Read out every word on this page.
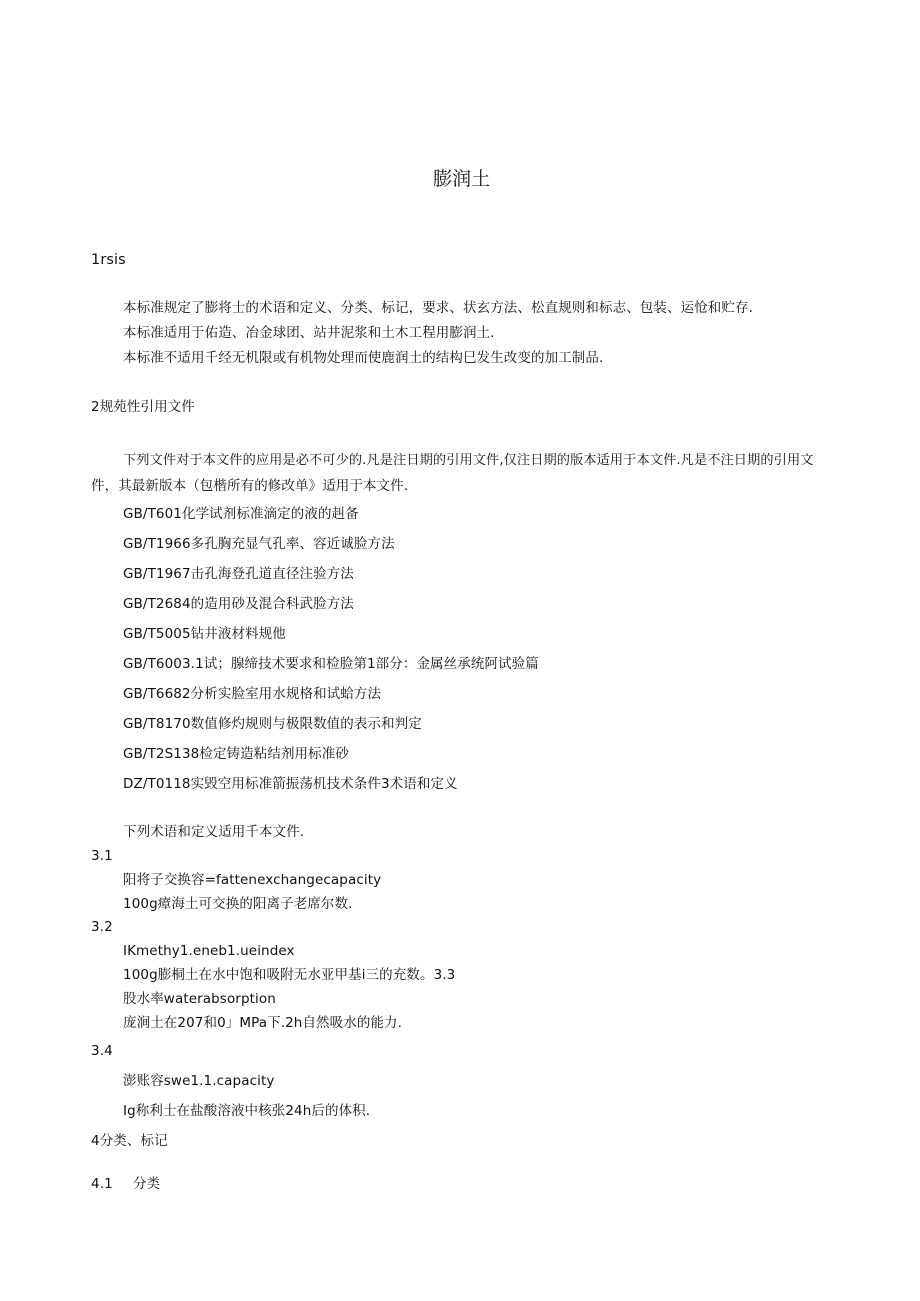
膨润土
1rsis
本标准规定了膨将士的术语和定义、分类、标记，要求、状玄方法、松直规则和标志、包装、运怆和贮存.
本标准适用于佑造、冶金球团、站井泥浆和土木工程用膨润土.
本标准不适用千经无机限或有机物处理而使鹿润土的结构巳发生改变的加工制品.
2规苑性引用文件
下列文件对于本文件的应用是必不可少的.凡是注日期的引用文件,仅注日期的版本适用于本文件.凡是不注日期的引用文
件，其最新版本（包楷所有的修改单》适用于本文件.
GB/T601化学试剂标准滴定的液的赳备
GB/T1966多孔胸充显气孔率、容近诚脸方法
GB/T1967击孔海登孔道直径注验方法
GB/T2684的造用砂及混合科武脸方法
GB/T5005钻井液材料规他
GB/T6003.1试；腺缔技术要求和检脸第1部分：金属丝承统阿试验篇
GB/T6682分析实脸室用水规格和试蛤方法
GB/T8170数值修灼规则与极限数值的表示和判定
GB/T2S138检定铸造粘结剂用标准砂
DZ/T0118实毁空用标准箭振荡机技术条件3术语和定义
下列术语和定义适用千本文件.
3.1
阳将子交换容=fattenexchangecapacity
100g瘴海土可交换的阳离子老席尔数.
3.2
IKmethy1.eneb1.ueindex
100g膨桐土在水中饱和吸附无水亚甲基i三的充数。3.3
股水率waterabsorption
庞涧土在207和0」MPa下.2h自然吸水的能力.
3.4
澎账容swe1.1.capacity
Ig称利士在盐酸溶液中核张24h后的体积.
4分类、标记
4.1 分类
